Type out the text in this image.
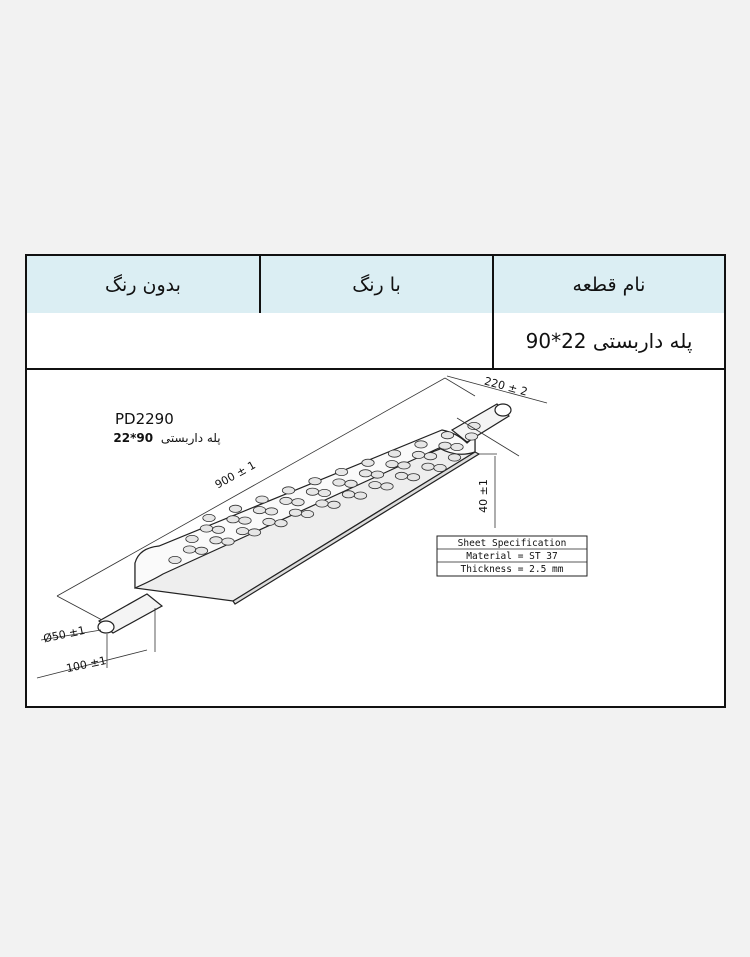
بدون رنگ	با رنگ	نام قطعه
پله داربستی 22*90
PD2290
22*90 پله داربستی
900 ± 1
220 ± 2
40 ±1
Ø50 ±1
100 ±1
Sheet Specification
Material = ST 37
Thickness = 2.5 mm
